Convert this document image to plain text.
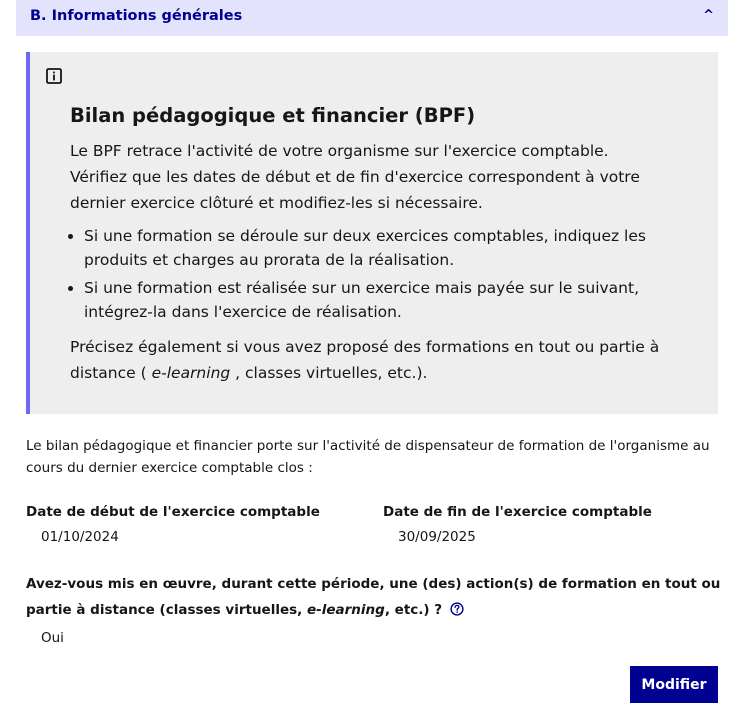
B. Informations générales	^
Bilan pédagogique et financier (BPF)

Le BPF retrace l'activité de votre organisme sur l'exercice comptable. Vérifiez que les dates de début et de fin d'exercice correspondent à votre dernier exercice clôturé et modifiez-les si nécessaire.

• Si une formation se déroule sur deux exercices comptables, indiquez les produits et charges au prorata de la réalisation.
• Si une formation est réalisée sur un exercice mais payée sur le suivant, intégrez-la dans l'exercice de réalisation.

Précisez également si vous avez proposé des formations en tout ou partie à distance ( e-learning , classes virtuelles, etc.).

Le bilan pédagogique et financier porte sur l'activité de dispensateur de formation de l'organisme au cours du dernier exercice comptable clos :
Date de début de l'exercice comptable
01/10/2024
Date de fin de l'exercice comptable
30/09/2025
Avez-vous mis en œuvre, durant cette période, une (des) action(s) de formation en tout ou partie à distance (classes virtuelles, e-learning, etc.) ?
Oui
Modifier
